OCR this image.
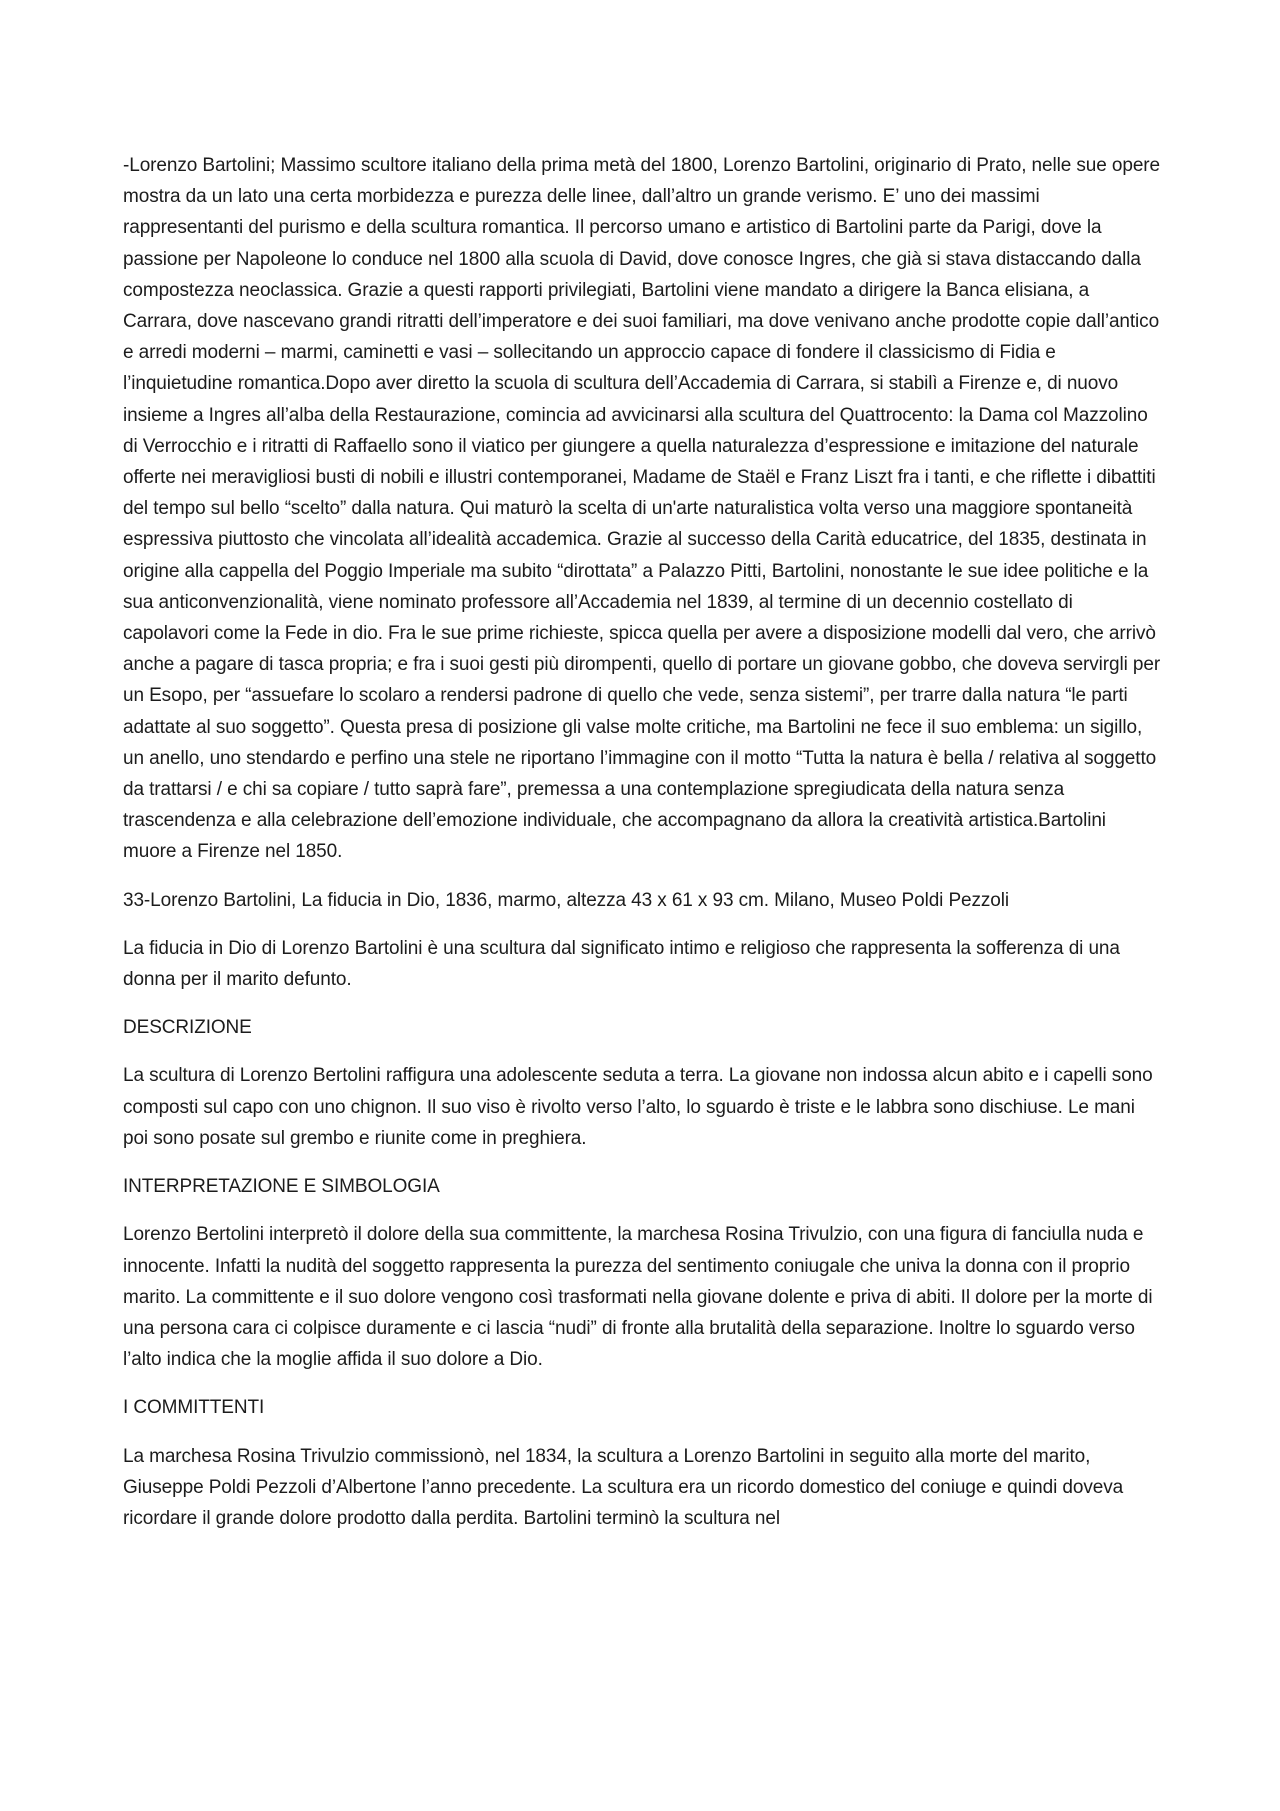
-Lorenzo Bartolini; Massimo scultore italiano della prima metà del 1800, Lorenzo Bartolini, originario di Prato, nelle sue opere mostra da un lato una certa morbidezza e purezza delle linee, dall’altro un grande verismo. E’ uno dei massimi rappresentanti del purismo e della scultura romantica. Il percorso umano e artistico di Bartolini parte da Parigi, dove la passione per Napoleone lo conduce nel 1800 alla scuola di David, dove conosce Ingres, che già si stava distaccando dalla compostezza neoclassica. Grazie a questi rapporti privilegiati, Bartolini viene mandato a dirigere la Banca elisiana, a Carrara, dove nascevano grandi ritratti dell’imperatore e dei suoi familiari, ma dove venivano anche prodotte copie dall’antico e arredi moderni – marmi, caminetti e vasi – sollecitando un approccio capace di fondere il classicismo di Fidia e l’inquietudine romantica.Dopo aver diretto la scuola di scultura dell’Accademia di Carrara, si stabilì a Firenze e, di nuovo insieme a Ingres all’alba della Restaurazione, comincia ad avvicinarsi alla scultura del Quattrocento: la Dama col Mazzolino di Verrocchio e i ritratti di Raffaello sono il viatico per giungere a quella naturalezza d’espressione e imitazione del naturale offerte nei meravigliosi busti di nobili e illustri contemporanei, Madame de Staël e Franz Liszt fra i tanti, e che riflette i dibattiti del tempo sul bello “scelto” dalla natura. Qui maturò la scelta di un'arte naturalistica volta verso una maggiore spontaneità espressiva piuttosto che vincolata all’idealità accademica. Grazie al successo della Carità educatrice, del 1835, destinata in origine alla cappella del Poggio Imperiale ma subito “dirottata” a Palazzo Pitti, Bartolini, nonostante le sue idee politiche e la sua anticonvenzionalità, viene nominato professore all’Accademia nel 1839, al termine di un decennio costellato di capolavori come la Fede in dio. Fra le sue prime richieste, spicca quella per avere a disposizione modelli dal vero, che arrivò anche a pagare di tasca propria; e fra i suoi gesti più dirompenti, quello di portare un giovane gobbo, che doveva servirgli per un Esopo, per “assuefare lo scolaro a rendersi padrone di quello che vede, senza sistemi”, per trarre dalla natura “le parti adattate al suo soggetto”. Questa presa di posizione gli valse molte critiche, ma Bartolini ne fece il suo emblema: un sigillo, un anello, uno stendardo e perfino una stele ne riportano l’immagine con il motto “Tutta la natura è bella / relativa al soggetto da trattarsi / e chi sa copiare / tutto saprà fare”, premessa a una contemplazione spregiudicata della natura senza trascendenza e alla celebrazione dell’emozione individuale, che accompagnano da allora la creatività artistica.Bartolini muore a Firenze nel 1850.

33-Lorenzo Bartolini, La fiducia in Dio, 1836, marmo, altezza 43 x 61 x 93 cm. Milano, Museo Poldi Pezzoli

La fiducia in Dio di Lorenzo Bartolini è una scultura dal significato intimo e religioso che rappresenta la sofferenza di una donna per il marito defunto.

DESCRIZIONE

La scultura di Lorenzo Bertolini raffigura una adolescente seduta a terra. La giovane non indossa alcun abito e i capelli sono composti sul capo con uno chignon. Il suo viso è rivolto verso l’alto, lo sguardo è triste e le labbra sono dischiuse. Le mani poi sono posate sul grembo e riunite come in preghiera.

INTERPRETAZIONE E SIMBOLOGIA

Lorenzo Bertolini interpretò il dolore della sua committente, la marchesa Rosina Trivulzio, con una figura di fanciulla nuda e innocente. Infatti la nudità del soggetto rappresenta la purezza del sentimento coniugale che univa la donna con il proprio marito. La committente e il suo dolore vengono così trasformati nella giovane dolente e priva di abiti. Il dolore per la morte di una persona cara ci colpisce duramente e ci lascia “nudi” di fronte alla brutalità della separazione. Inoltre lo sguardo verso l’alto indica che la moglie affida il suo dolore a Dio.

I COMMITTENTI

La marchesa Rosina Trivulzio commissionò, nel 1834, la scultura a Lorenzo Bartolini in seguito alla morte del marito, Giuseppe Poldi Pezzoli d’Albertone l’anno precedente. La scultura era un ricordo domestico del coniuge e quindi doveva ricordare il grande dolore prodotto dalla perdita. Bartolini terminò la scultura nel
